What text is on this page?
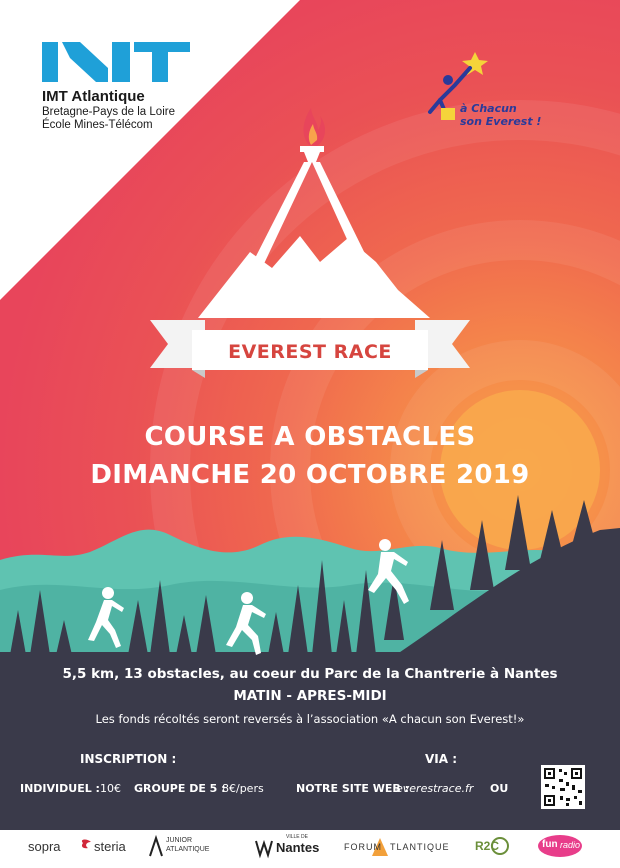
IMT Atlantique
Bretagne-Pays de la Loire
École Mines-Télécom
à Chacun
son Everest !
EVEREST RACE
COURSE A OBSTACLES
DIMANCHE 20 OCTOBRE 2019
5,5 km, 13 obstacles, au coeur du Parc de la Chantrerie à Nantes
MATIN - APRES-MIDI
Les fonds récoltés seront reversés à l’association «A chacun son Everest!»
INSCRIPTION :
INDIVIDUEL : 10€ GROUPE DE 5 :
8€/pers
VIA :
NOTRE SITE WEB :
everestrace.fr OU
sopra	steria	JUNIOR
ATLANTIQUE
VILLE DE
Nantes	FORUM TLANTIQUE R2C	fun radio
